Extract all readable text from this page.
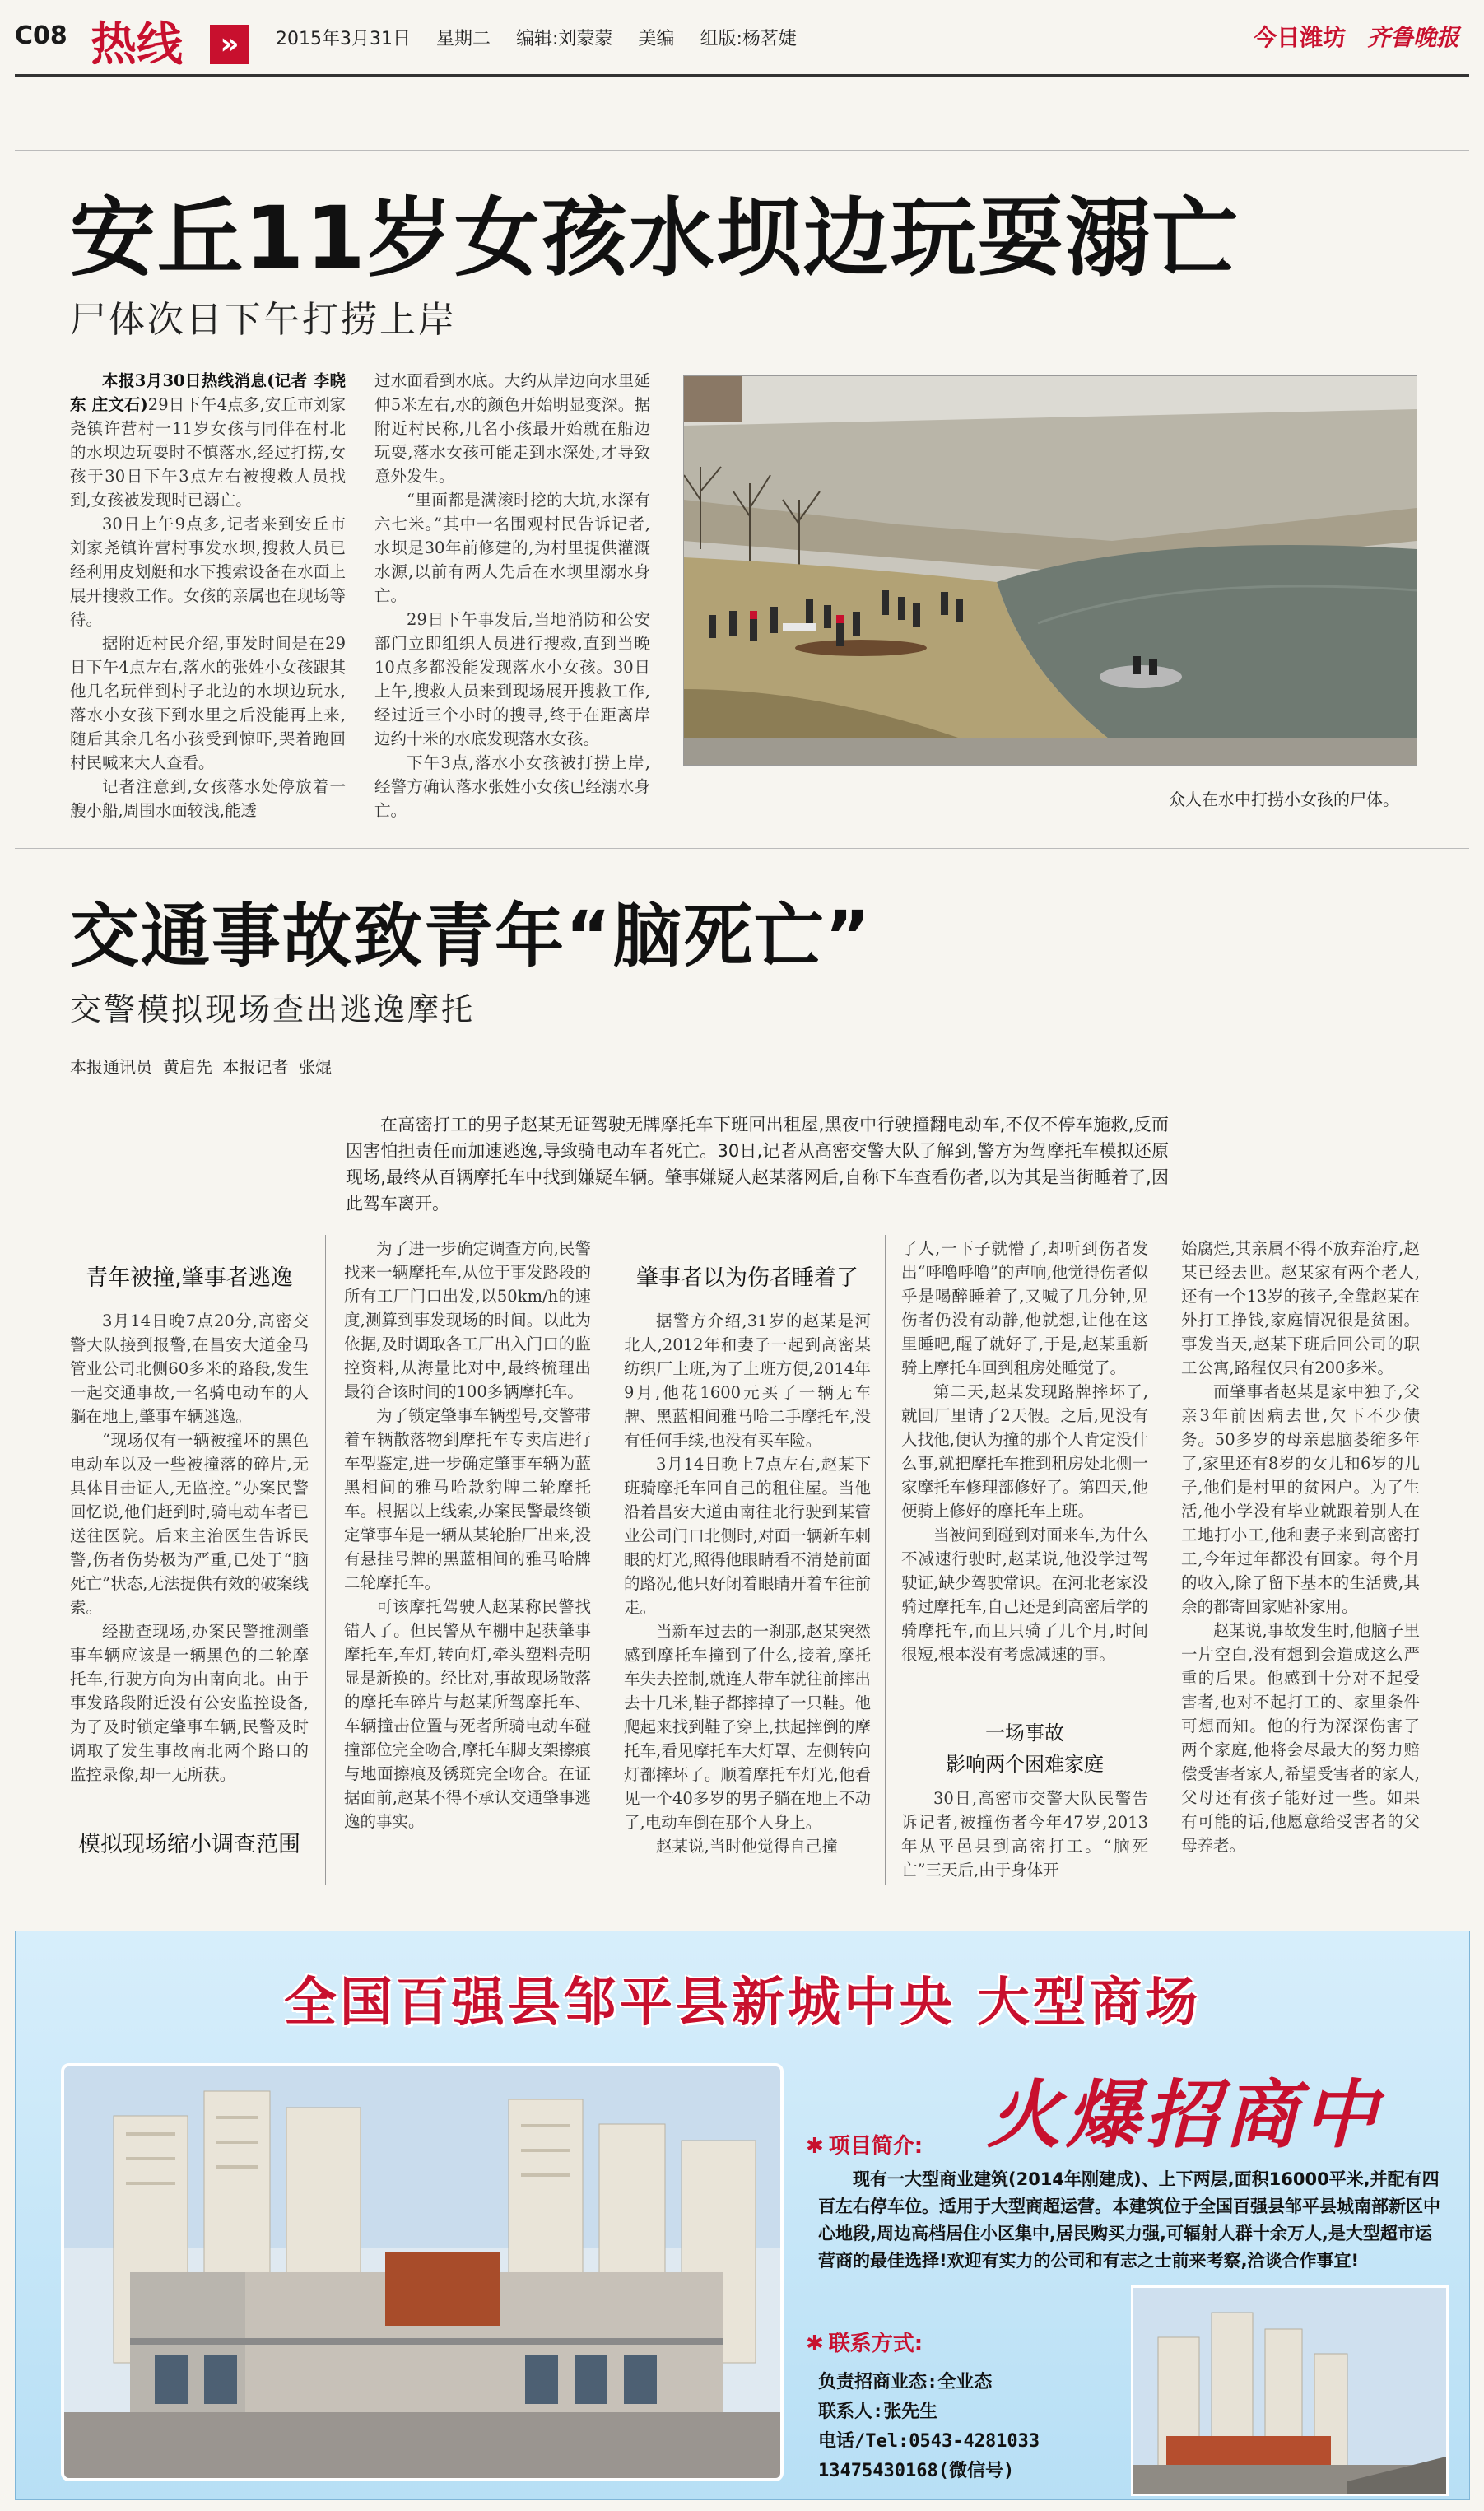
C08 热线	»	2015年3月31日 星期二 编辑:刘蒙蒙 美编 组版:杨茗婕	今日潍坊 齐鲁晚报
安丘11岁女孩水坝边玩耍溺亡
尸体次日下午打捞上岸

本报3月30日热线消息(记者 李晓东 庄文石)29日下午4点多,安丘市刘家尧镇许营村一11岁女孩与同伴在村北的水坝边玩耍时不慎落水,经过打捞,女孩于30日下午3点左右被搜救人员找到,女孩被发现时已溺亡。

30日上午9点多,记者来到安丘市刘家尧镇许营村事发水坝,搜救人员已经利用皮划艇和水下搜索设备在水面上展开搜救工作。女孩的亲属也在现场等待。

据附近村民介绍,事发时间是在29日下午4点左右,落水的张姓小女孩跟其他几名玩伴到村子北边的水坝边玩水,落水小女孩下到水里之后没能再上来,随后其余几名小孩受到惊吓,哭着跑回村民喊来大人查看。

记者注意到,女孩落水处停放着一艘小船,周围水面较浅,能透

过水面看到水底。大约从岸边向水里延伸5米左右,水的颜色开始明显变深。据附近村民称,几名小孩最开始就在船边玩耍,落水女孩可能走到水深处,才导致意外发生。

“里面都是满滚时挖的大坑,水深有六七米。”其中一名围观村民告诉记者,水坝是30年前修建的,为村里提供灌溉水源,以前有两人先后在水坝里溺水身亡。

29日下午事发后,当地消防和公安部门立即组织人员进行搜救,直到当晚10点多都没能发现落水小女孩。30日上午,搜救人员来到现场展开搜救工作,经过近三个小时的搜寻,终于在距离岸边约十米的水底发现落水女孩。

下午3点,落水小女孩被打捞上岸,经警方确认落水张姓小女孩已经溺水身亡。

众人在水中打捞小女孩的尸体。
交通事故致青年“脑死亡”
交警模拟现场查出逃逸摩托
本报通讯员  黄启先  本报记者  张焜

在高密打工的男子赵某无证驾驶无牌摩托车下班回出租屋,黑夜中行驶撞翻电动车,不仅不停车施救,反而因害怕担责任而加速逃逸,导致骑电动车者死亡。30日,记者从高密交警大队了解到,警方为驾摩托车模拟还原现场,最终从百辆摩托车中找到嫌疑车辆。肇事嫌疑人赵某落网后,自称下车查看伤者,以为其是当街睡着了,因此驾车离开。

青年被撞,肇事者逃逸

3月14日晚7点20分,高密交警大队接到报警,在昌安大道金马管业公司北侧60多米的路段,发生一起交通事故,一名骑电动车的人躺在地上,肇事车辆逃逸。

“现场仅有一辆被撞坏的黑色电动车以及一些被撞落的碎片,无具体目击证人,无监控。”办案民警回忆说,他们赶到时,骑电动车者已送往医院。后来主治医生告诉民警,伤者伤势极为严重,已处于“脑死亡”状态,无法提供有效的破案线索。

经勘查现场,办案民警推测肇事车辆应该是一辆黑色的二轮摩托车,行驶方向为由南向北。由于事发路段附近没有公安监控设备,为了及时锁定肇事车辆,民警及时调取了发生事故南北两个路口的监控录像,却一无所获。

模拟现场缩小调查范围

为了进一步确定调查方向,民警找来一辆摩托车,从位于事发路段的所有工厂门口出发,以50km/h的速度,测算到事发现场的时间。以此为依据,及时调取各工厂出入门口的监控资料,从海量比对中,最终梳理出最符合该时间的100多辆摩托车。

为了锁定肇事车辆型号,交警带着车辆散落物到摩托车专卖店进行车型鉴定,进一步确定肇事车辆为蓝黑相间的雅马哈款豹牌二轮摩托车。根据以上线索,办案民警最终锁定肇事车是一辆从某轮胎厂出来,没有悬挂号牌的黑蓝相间的雅马哈牌二轮摩托车。

可该摩托驾驶人赵某称民警找错人了。但民警从车棚中起获肇事摩托车,车灯,转向灯,牵头塑料壳明显是新换的。经比对,事故现场散落的摩托车碎片与赵某所驾摩托车、车辆撞击位置与死者所骑电动车碰撞部位完全吻合,摩托车脚支架擦痕与地面擦痕及锈斑完全吻合。在证据面前,赵某不得不承认交通肇事逃逸的事实。

肇事者以为伤者睡着了

据警方介绍,31岁的赵某是河北人,2012年和妻子一起到高密某纺织厂上班,为了上班方便,2014年9月,他花1600元买了一辆无车牌、黑蓝相间雅马哈二手摩托车,没有任何手续,也没有买车险。

3月14日晚上7点左右,赵某下班骑摩托车回自己的租住屋。当他沿着昌安大道由南往北行驶到某管业公司门口北侧时,对面一辆新车刺眼的灯光,照得他眼睛看不清楚前面的路况,他只好闭着眼睛开着车往前走。

当新车过去的一刹那,赵某突然感到摩托车撞到了什么,接着,摩托车失去控制,就连人带车就往前摔出去十几米,鞋子都摔掉了一只鞋。他爬起来找到鞋子穿上,扶起摔倒的摩托车,看见摩托车大灯罩、左侧转向灯都摔坏了。顺着摩托车灯光,他看见一个40多岁的男子躺在地上不动了,电动车倒在那个人身上。

赵某说,当时他觉得自己撞

了人,一下子就懵了,却听到伤者发出“呼噜呼噜”的声响,他觉得伤者似乎是喝醉睡着了,又喊了几分钟,见伤者仍没有动静,他就想,让他在这里睡吧,醒了就好了,于是,赵某重新骑上摩托车回到租房处睡觉了。

第二天,赵某发现路牌摔坏了,就回厂里请了2天假。之后,见没有人找他,便认为撞的那个人肯定没什么事,就把摩托车推到租房处北侧一家摩托车修理部修好了。第四天,他便骑上修好的摩托车上班。

当被问到碰到对面来车,为什么不减速行驶时,赵某说,他没学过驾驶证,缺少驾驶常识。在河北老家没骑过摩托车,自己还是到高密后学的骑摩托车,而且只骑了几个月,时间很短,根本没有考虑减速的事。

一场事故
影响两个困难家庭

30日,高密市交警大队民警告诉记者,被撞伤者今年47岁,2013年从平邑县到高密打工。“脑死亡”三天后,由于身体开

始腐烂,其亲属不得不放弃治疗,赵某已经去世。赵某家有两个老人,还有一个13岁的孩子,全靠赵某在外打工挣钱,家庭情况很是贫困。事发当天,赵某下班后回公司的职工公寓,路程仅只有200多米。

而肇事者赵某是家中独子,父亲3年前因病去世,欠下不少债务。50多岁的母亲患脑萎缩多年了,家里还有8岁的女儿和6岁的儿子,他们是村里的贫困户。为了生活,他小学没有毕业就跟着别人在工地打小工,他和妻子来到高密打工,今年过年都没有回家。每个月的收入,除了留下基本的生活费,其余的都寄回家贴补家用。

赵某说,事故发生时,他脑子里一片空白,没有想到会造成这么严重的后果。他感到十分对不起受害者,也对不起打工的、家里条件可想而知。他的行为深深伤害了两个家庭,他将会尽最大的努力赔偿受害者家人,希望受害者的家人,父母还有孩子能好过一些。如果有可能的话,他愿意给受害者的父母养老。

全国百强县邹平县新城中央 大型商场
火爆招商中
✱ 项目简介:

现有一大型商业建筑(2014年刚建成)、上下两层,面积16000平米,并配有四百左右停车位。适用于大型商超运营。本建筑位于全国百强县邹平县城南部新区中心地段,周边高档居住小区集中,居民购买力强,可辐射人群十余万人,是大型超市运营商的最佳选择!欢迎有实力的公司和有志之士前来考察,洽谈合作事宜!

✱ 联系方式:
负责招商业态:全业态
联系人:张先生
电话/Tel:0543-4281033
13475430168(微信号)
